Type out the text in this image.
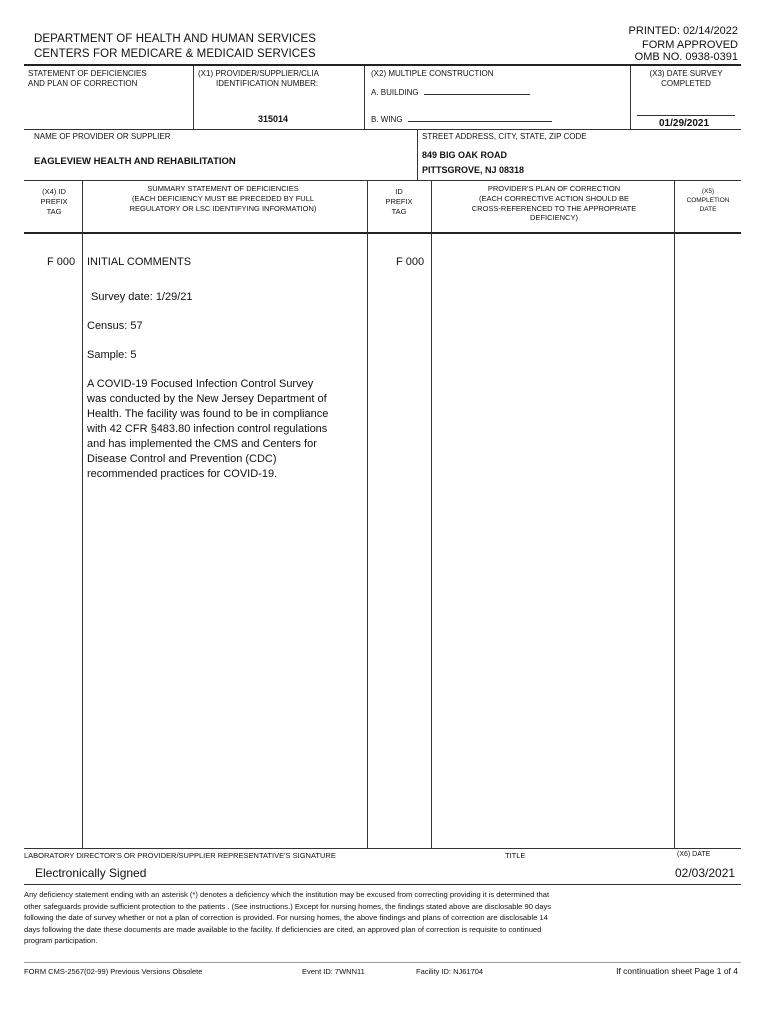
DEPARTMENT OF HEALTH AND HUMAN SERVICES
CENTERS FOR MEDICARE & MEDICAID SERVICES
PRINTED: 02/14/2022
FORM APPROVED
OMB NO. 0938-0391
STATEMENT OF DEFICIENCIES
AND PLAN OF CORRECTION
(X1) PROVIDER/SUPPLIER/CLIA
IDENTIFICATION NUMBER:
315014
(X2) MULTIPLE CONSTRUCTION
A. BUILDING
B. WING
(X3) DATE SURVEY
COMPLETED
01/29/2021
NAME OF PROVIDER OR SUPPLIER
EAGLEVIEW HEALTH AND REHABILITATION
STREET ADDRESS, CITY, STATE, ZIP CODE
849 BIG OAK ROAD
PITTSGROVE, NJ 08318
(X4) ID
PREFIX
TAG
SUMMARY STATEMENT OF DEFICIENCIES
(EACH DEFICIENCY MUST BE PRECEDED BY FULL
REGULATORY OR LSC IDENTIFYING INFORMATION)
ID
PREFIX
TAG
PROVIDER'S PLAN OF CORRECTION
(EACH CORRECTIVE ACTION SHOULD BE
CROSS-REFERENCED TO THE APPROPRIATE
DEFICIENCY)
(X5)
COMPLETION
DATE
F 000 INITIAL COMMENTS	F 000
Survey date: 1/29/21
Census: 57
Sample: 5
A COVID-19 Focused Infection Control Survey
was conducted by the New Jersey Department of
Health. The facility was found to be in compliance
with 42 CFR §483.80 infection control regulations
and has implemented the CMS and Centers for
Disease Control and Prevention (CDC)
recommended practices for COVID-19.
LABORATORY DIRECTOR'S OR PROVIDER/SUPPLIER REPRESENTATIVE'S SIGNATURE	TITLE	(X6) DATE
Electronically Signed	02/03/2021
Any deficiency statement ending with an asterisk (*) denotes a deficiency which the institution may be excused from correcting providing it is determined that
other safeguards provide sufficient protection to the patients . (See instructions.) Except for nursing homes, the findings stated above are disclosable 90 days
following the date of survey whether or not a plan of correction is provided. For nursing homes, the above findings and plans of correction are disclosable 14
days following the date these documents are made available to the facility. If deficiencies are cited, an approved plan of correction is requisite to continued
program participation.
FORM CMS-2567(02-99) Previous Versions Obsolete	Event ID: 7WNN11	Facility ID: NJ61704	If continuation sheet Page 1 of 4
